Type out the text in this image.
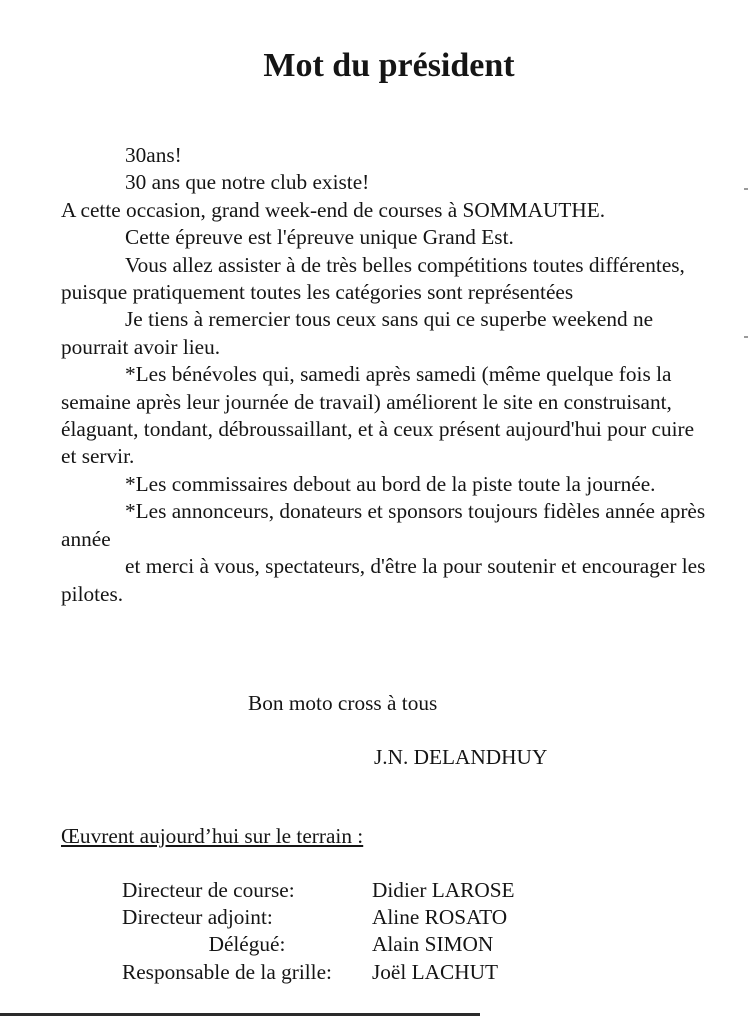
Mot du président

30ans!

30 ans que notre club existe!

A cette occasion, grand week-end de courses à SOMMAUTHE.

Cette épreuve est l'épreuve unique Grand Est.

Vous allez assister à de très belles compétitions toutes différentes, puisque pratiquement toutes les catégories sont représentées

Je tiens à remercier tous ceux sans qui ce superbe weekend ne pourrait avoir lieu.

*Les bénévoles qui, samedi après samedi (même quelque fois la semaine après leur journée de travail) améliorent le site en construisant, élaguant, tondant, débroussaillant, et à ceux présent aujourd'hui pour cuire et servir.

*Les commissaires debout au bord de la piste toute la journée.

*Les annonceurs, donateurs et sponsors toujours fidèles année après année

et merci à vous, spectateurs, d'être la pour soutenir et encourager les pilotes.

Bon moto cross à tous
J.N. DELANDHUY
Œuvrent aujourd’hui sur le terrain :
Directeur de course:	Didier LAROSE
Directeur adjoint:	Aline ROSATO
Délégué:	Alain SIMON
Responsable de la grille:	Joël LACHUT
